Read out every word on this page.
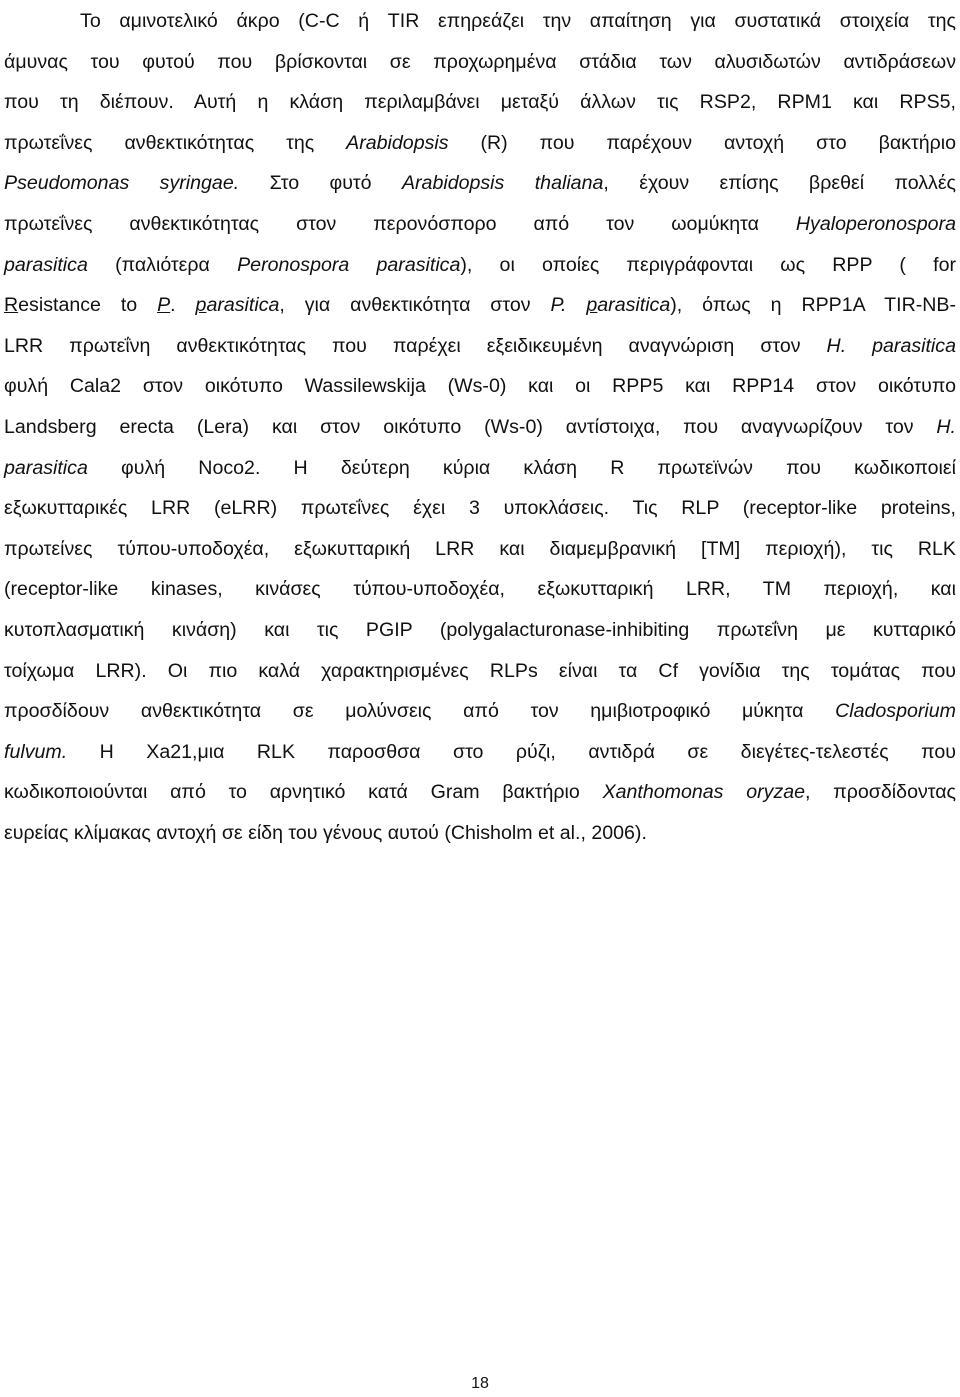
Το αμινοτελικό άκρο (C-C ή TIR επηρεάζει την απαίτηση για συστατικά στοιχεία της
άμυνας του φυτού που βρίσκονται σε προχωρημένα στάδια των αλυσιδωτών αντιδράσεων
που τη διέπουν. Αυτή η κλάση περιλαμβάνει μεταξύ άλλων τις RSP2, RPM1 και RPS5,
πρωτεΐνες ανθεκτικότητας της Arabidopsis (R) που παρέχουν αντοχή στο βακτήριο
Pseudomonas syringae. Στο φυτό Arabidopsis thaliana, έχουν επίσης βρεθεί πολλές
πρωτεΐνες ανθεκτικότητας στον περονόσπορο από τον ωομύκητα Hyaloperonospora
parasitica (παλιότερα Peronospora parasitica), οι οποίες περιγράφονται ως RPP ( for
Resistance to P. parasitica, για ανθεκτικότητα στον P. parasitica), όπως η RPP1A TIR-NB-
LRR πρωτεΐνη ανθεκτικότητας που παρέχει εξειδικευμένη αναγνώριση στον H. parasitica
φυλή Cala2 στον οικότυπο Wassilewskija (Ws-0) και οι RPP5 και RPP14 στον οικότυπο
Landsberg erecta (Lera) και στον οικότυπο (Ws-0) αντίστοιχα, που αναγνωρίζουν τον H.
parasitica φυλή Noco2. Η δεύτερη κύρια κλάση R πρωτεϊνών που κωδικοποιεί
εξωκυτταρικές LRR (eLRR) πρωτεΐνες έχει 3 υποκλάσεις. Τις RLP (receptor-like proteins,
πρωτείνες τύπου-υποδοχέα, εξωκυτταρική LRR και διαμεμβρανική [TM] περιοχή), τις RLK
(receptor-like kinases, κινάσες τύπου-υποδοχέα, εξωκυτταρική LRR, TM περιοχή, και
κυτοπλασματική κινάση) και τις PGIP (polygalacturonase-inhibiting πρωτεΐνη με κυτταρικό
τοίχωμα LRR). Οι πιο καλά χαρακτηρισμένες RLPs είναι τα Cf γονίδια της τομάτας που
προσδίδουν ανθεκτικότητα σε μολύνσεις από τον ημιβιοτροφικό μύκητα Cladosporium
fulvum. Η Xa21,μια RLK παροσθσα στο ρύζι, αντιδρά σε διεγέτες-τελεστές που
κωδικοποιούνται από το αρνητικό κατά Gram βακτήριο Xanthomonas oryzae, προσδίδοντας
ευρείας κλίμακας αντοχή σε είδη του γένους αυτού (Chisholm et al., 2006).
18
